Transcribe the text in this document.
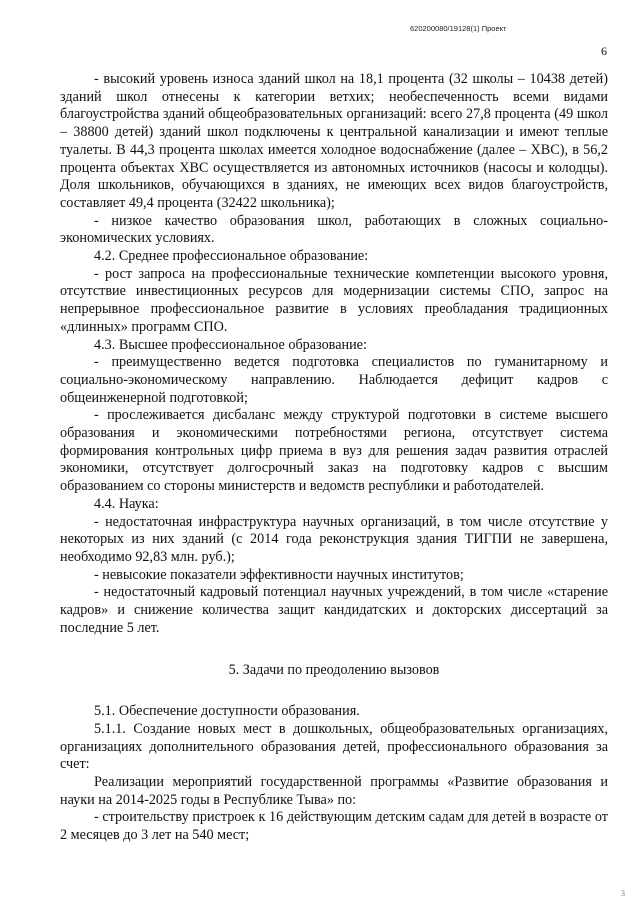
620200080/19128(1) Проект
6

- высокий уровень износа зданий школ на 18,1 процента (32 школы – 10438 детей) зданий школ отнесены к категории ветхих; необеспеченность всеми видами благоустройства зданий общеобразовательных организаций: всего 27,8 процента (49 школ – 38800 детей) зданий школ подключены к центральной канализации и имеют теплые туалеты. В 44,3 процента школах имеется холодное водоснабжение (далее – ХВС), в 56,2 процента объектах ХВС осуществляется из автономных источников (насосы и колодцы). Доля школьников, обучающихся в зданиях, не имеющих всех видов благоустройств, составляет 49,4 процента (32422 школьника);

- низкое качество образования школ, работающих в сложных социально-экономических условиях.

4.2. Среднее профессиональное образование:

- рост запроса на профессиональные технические компетенции высокого уровня, отсутствие инвестиционных ресурсов для модернизации системы СПО, запрос на непрерывное профессиональное развитие в условиях преобладания традиционных «длинных» программ СПО.

4.3. Высшее профессиональное образование:

- преимущественно ведется подготовка специалистов по гуманитарному и социально-экономическому направлению. Наблюдается дефицит кадров с общеинженерной подготовкой;

- прослеживается дисбаланс между структурой подготовки в системе высшего образования и экономическими потребностями региона, отсутствует система формирования контрольных цифр приема в вуз для решения задач развития отраслей экономики, отсутствует долгосрочный заказ на подготовку кадров с высшим образованием со стороны министерств и ведомств республики и работодателей.

4.4. Наука:

- недостаточная инфраструктура научных организаций, в том числе отсутствие у некоторых из них зданий (с 2014 года реконструкция здания ТИГПИ не завершена, необходимо 92,83 млн. руб.);

- невысокие показатели эффективности научных институтов;

- недостаточный кадровый потенциал научных учреждений, в том числе «старение кадров» и снижение количества защит кандидатских и докторских диссертаций за последние 5 лет.

5. Задачи по преодолению вызовов

5.1. Обеспечение доступности образования.

5.1.1. Создание новых мест в дошкольных, общеобразовательных организациях, организациях дополнительного образования детей, профессионального образования за счет:

Реализации мероприятий государственной программы «Развитие образования и науки на 2014-2025 годы в Республике Тыва» по:

- строительству пристроек к 16 действующим детским садам для детей в возрасте от 2 месяцев до 3 лет на 540 мест;

3
